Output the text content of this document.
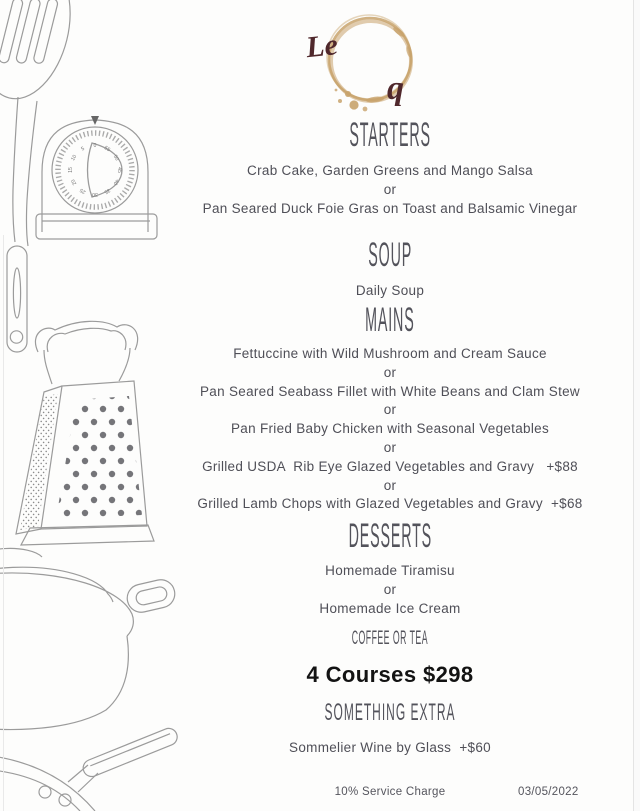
0 55
50
45
40
35
30
25
20
15
10
5
Le
q
STARTERS
Crab Cake, Garden Greens and Mango Salsa
or
Pan Seared Duck Foie Gras on Toast and Balsamic Vinegar
SOUP
Daily Soup
MAINS
Fettuccine with Wild Mushroom and Cream Sauce
or
Pan Seared Seabass Fillet with White Beans and Clam Stew
or
Pan Fried Baby Chicken with Seasonal Vegetables
or
Grilled USDA  Rib Eye Glazed Vegetables and Gravy   +$88
or
Grilled Lamb Chops with Glazed Vegetables and Gravy  +$68
DESSERTS
Homemade Tiramisu
or
Homemade Ice Cream
COFFEE OR TEA
4 Courses $298
SOMETHING EXTRA
Sommelier Wine by Glass  +$60
10% Service Charge	03/05/2022
